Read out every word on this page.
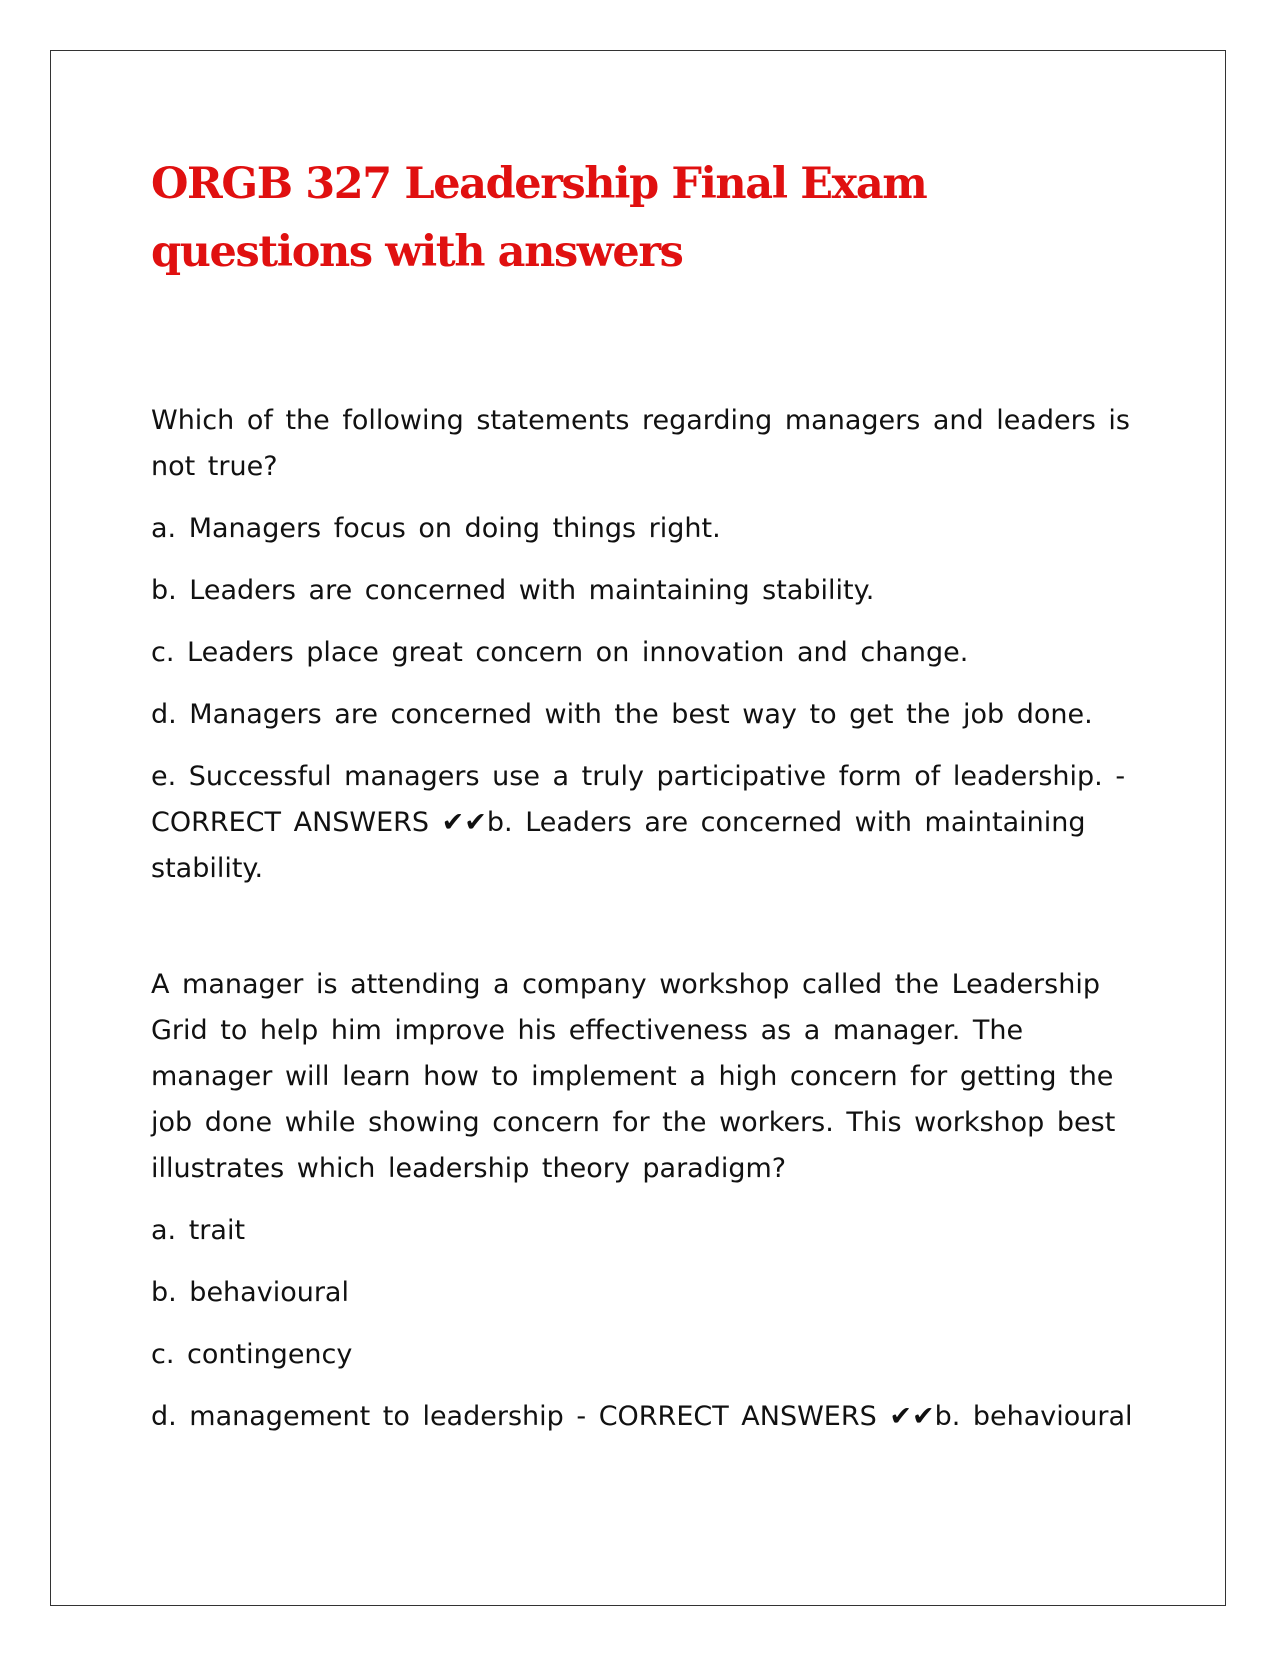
ORGB 327 Leadership Final Exam questions with answers

Which of the following statements regarding managers and leaders is not true?

a. Managers focus on doing things right.

b. Leaders are concerned with maintaining stability.

c. Leaders place great concern on innovation and change.

d. Managers are concerned with the best way to get the job done.

e. Successful managers use a truly participative form of leadership. - CORRECT ANSWERS ✔✔b. Leaders are concerned with maintaining stability.

A manager is attending a company workshop called the Leadership Grid to help him improve his effectiveness as a manager. The manager will learn how to implement a high concern for getting the job done while showing concern for the workers. This workshop best illustrates which leadership theory paradigm?

a. trait

b. behavioural

c. contingency

d. management to leadership - CORRECT ANSWERS ✔✔b. behavioural
